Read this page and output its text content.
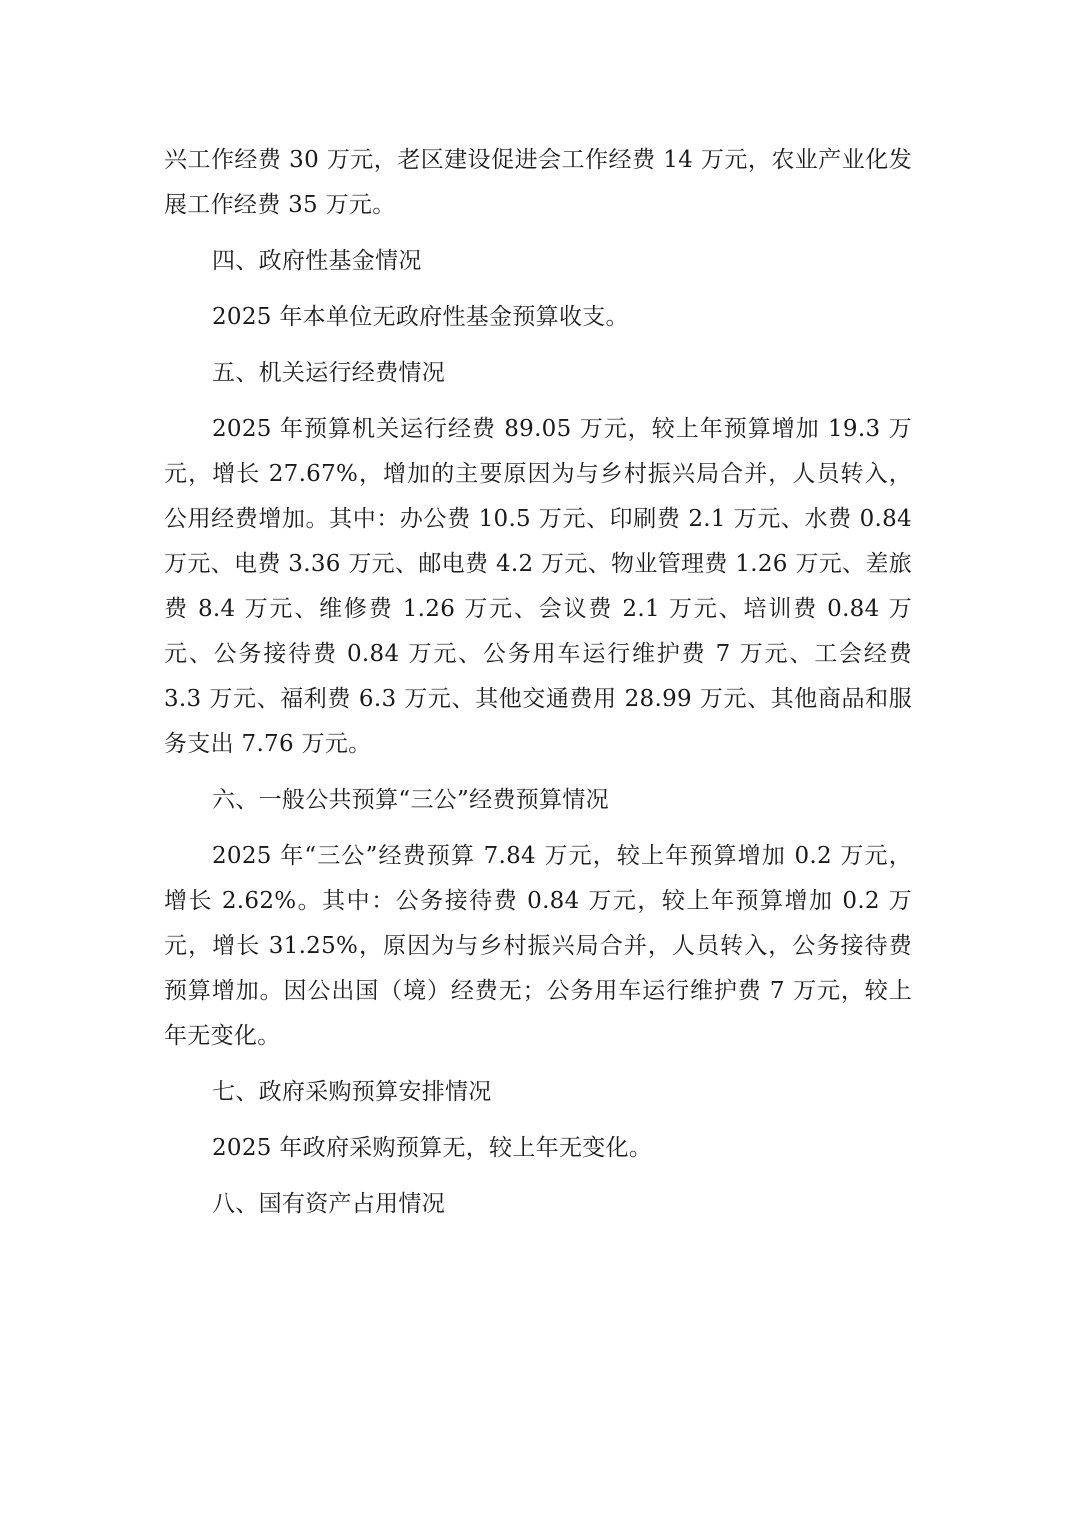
兴工作经费 30 万元，老区建设促进会工作经费 14 万元，农业产业化发展工作经费 35 万元。

四、政府性基金情况

2025 年本单位无政府性基金预算收支。

五、机关运行经费情况

2025 年预算机关运行经费 89.05 万元，较上年预算增加 19.3 万元，增长 27.67%，增加的主要原因为与乡村振兴局合并，人员转入，公用经费增加。其中：办公费 10.5 万元、印刷费 2.1 万元、水费 0.84 万元、电费 3.36 万元、邮电费 4.2 万元、物业管理费 1.26 万元、差旅费 8.4 万元、维修费 1.26 万元、会议费 2.1 万元、培训费 0.84 万元、公务接待费 0.84 万元、公务用车运行维护费 7 万元、工会经费 3.3 万元、福利费 6.3 万元、其他交通费用 28.99 万元、其他商品和服务支出 7.76 万元。

六、一般公共预算“三公”经费预算情况

2025 年“三公”经费预算 7.84 万元，较上年预算增加 0.2 万元，增长 2.62%。其中：公务接待费 0.84 万元，较上年预算增加 0.2 万元，增长 31.25%，原因为与乡村振兴局合并，人员转入，公务接待费预算增加。因公出国（境）经费无；公务用车运行维护费 7 万元，较上年无变化。

七、政府采购预算安排情况

2025 年政府采购预算无，较上年无变化。

八、国有资产占用情况
